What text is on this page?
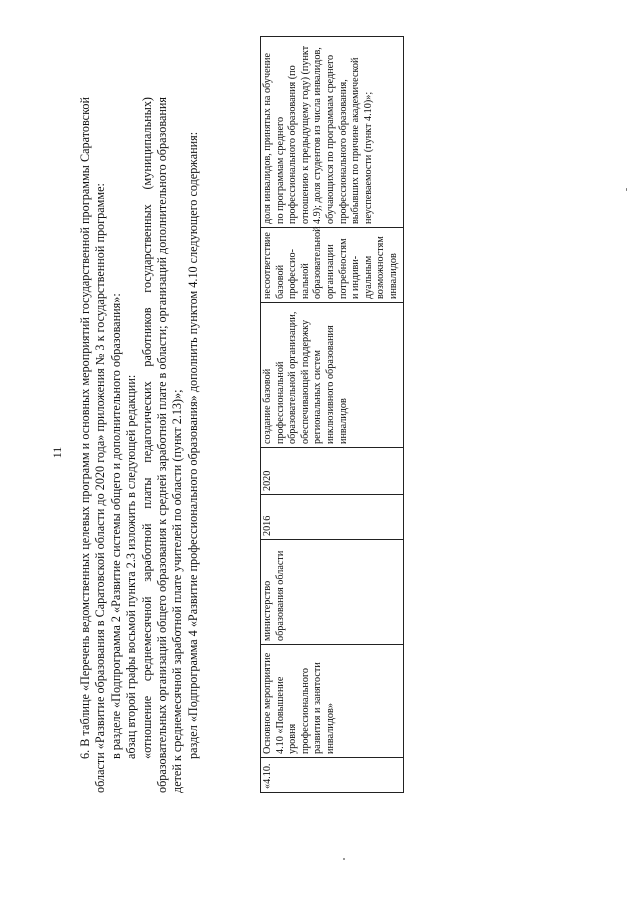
11 6. В таблице «Перечень ведомственных целевых программ и основных мероприятий государственной программы Саратовской области «Развитие образования в Саратовской области до 2020 года» приложения № 3 к государственной программе: в разделе «Подпрограмма 2 «Развитие системы общего и дополнительного образования»: абзац второй графы восьмой пункта 2.3 изложить в следующей редакции: «отношение среднемесячной заработной платы педагогических работников государственных (муниципальных) образовательных организаций общего образования к средней заработной плате в области; организаций дополнительного образования детей к среднемесячной заработной плате учителей по области (пункт 2.13)»; раздел «Подпрограмма 4 «Развитие профессионального образования» дополнить пунктом 4.10 следующего содержания:

«4.10.	Основное мероприятие 4.10 «Повышение уровня профессионального развития и занятости инвалидов»	министерство образования области	2016	2020	создание базовой профессиональной образовательной организации, обеспечивающей поддержку региональных систем инклюзивного образования инвалидов	несоответствие базовой профессио-нальной образовательной организации потребностям и индиви-дуальным возможностям инвалидов	доля инвалидов, принятых на обучение по программам среднего профессионального образования (по отношению к предыдущему году) (пункт 4.9); доля студентов из числа инвалидов, обучающихся по программам среднего профессионального образования, выбывших по причине академической неуспеваемости (пункт 4.10)»;
